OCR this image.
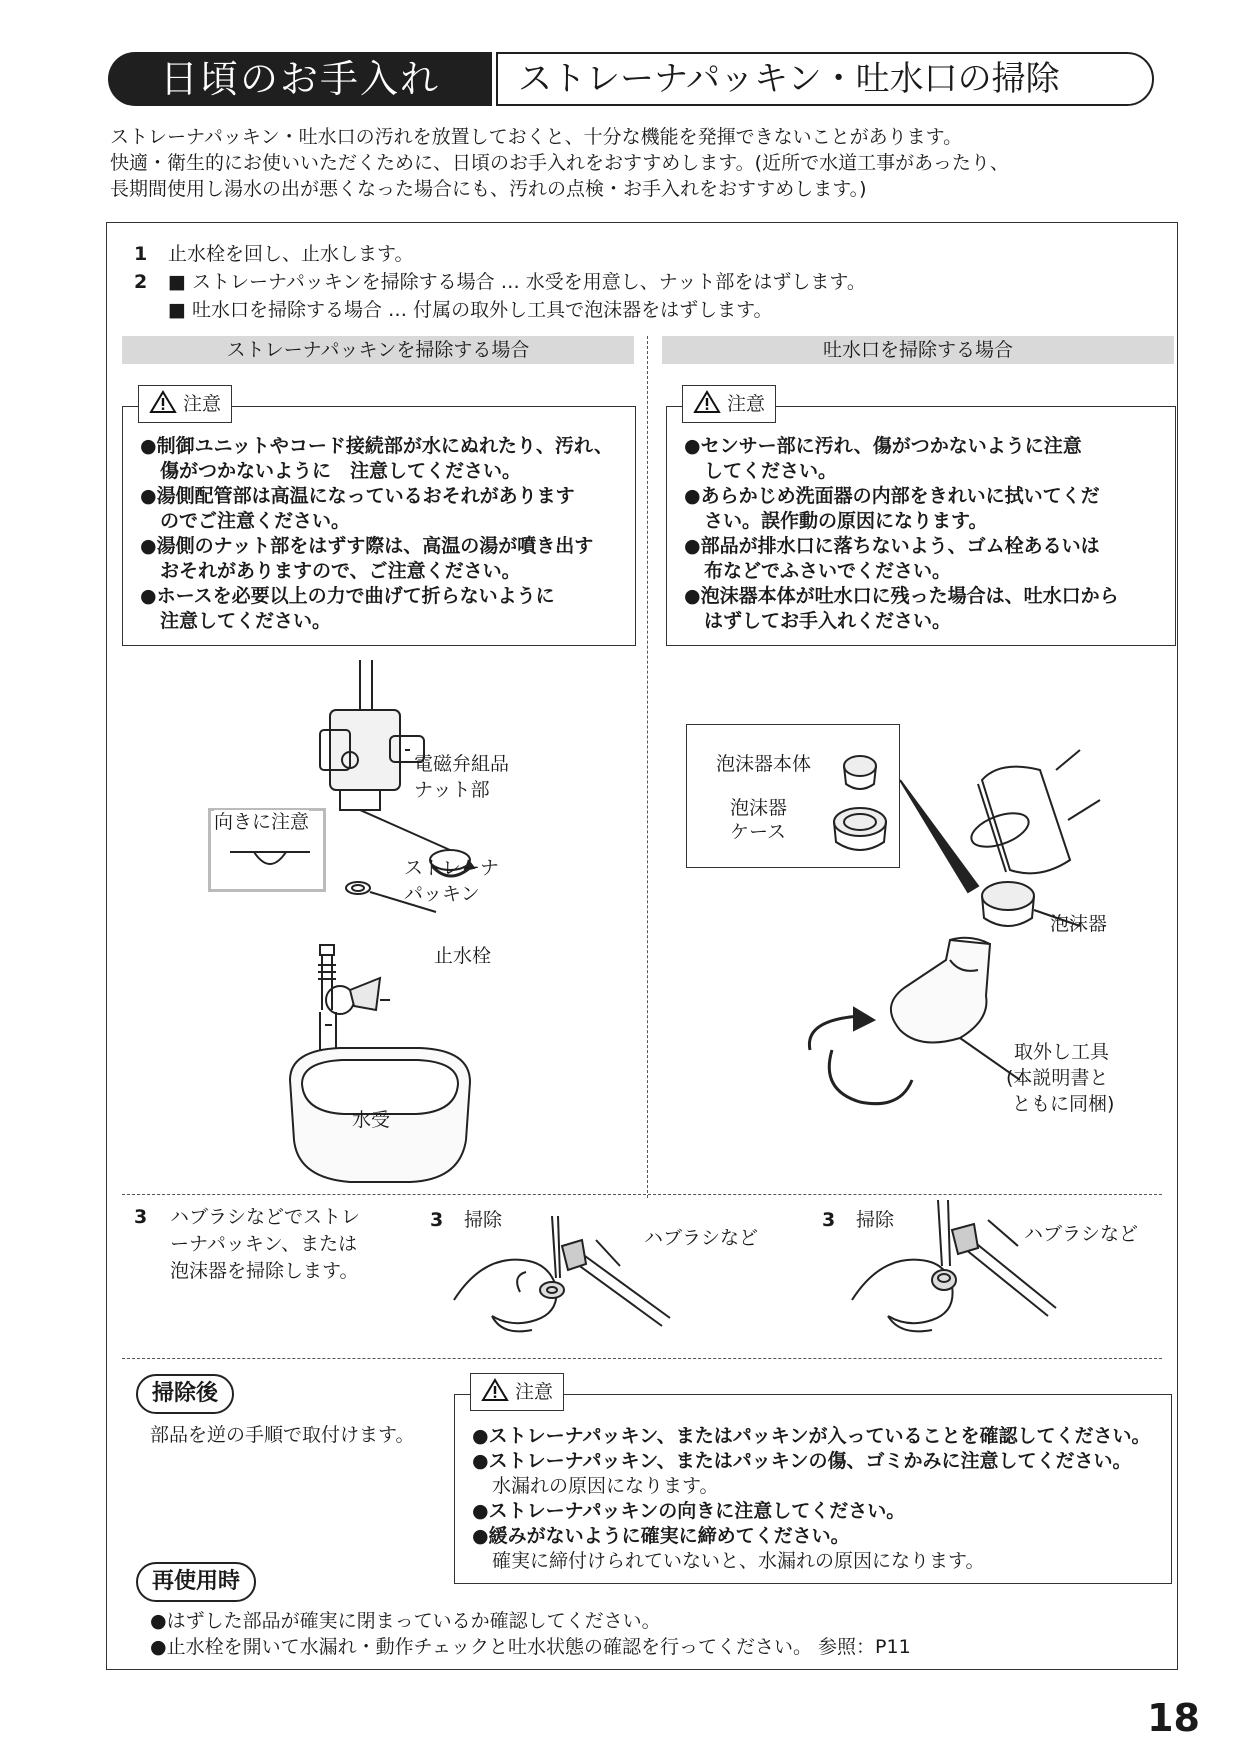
日頃のお手入れ	ストレーナパッキン・吐水口の掃除
ストレーナパッキン・吐水口の汚れを放置しておくと、十分な機能を発揮できないことがあります。
快適・衛生的にお使いいただくために、日頃のお手入れをおすすめします。(近所で水道工事があったり、
長期間使用し湯水の出が悪くなった場合にも、汚れの点検・お手入れをおすすめします。)
1 止水栓を回し、止水します。
2 ■ ストレーナパッキンを掃除する場合 … 水受を用意し、ナット部をはずします。
■ 吐水口を掃除する場合 … 付属の取外し工具で泡沫器をはずします。
ストレーナパッキンを掃除する場合	吐水口を掃除する場合
注意
●制御ユニットやコード接続部が水にぬれたり、汚れ、
傷がつかないように　注意してください。
●湯側配管部は高温になっているおそれがあります
のでご注意ください。
●湯側のナット部をはずす際は、高温の湯が噴き出す
おそれがありますので、ご注意ください。
●ホースを必要以上の力で曲げて折らないように
注意してください。
注意
●センサー部に汚れ、傷がつかないように注意
してください。
●あらかじめ洗面器の内部をきれいに拭いてくだ
さい。誤作動の原因になります。
●部品が排水口に落ちないよう、ゴム栓あるいは
布などでふさいでください。
●泡沫器本体が吐水口に残った場合は、吐水口から
はずしてお手入れください。
向きに注意
電磁弁組品
ナット部
ストレーナ
パッキン
止水栓
水受
泡沫器本体
泡沫器
ケース
泡沫器
取外し工具
(本説明書と
ともに同梱)
3	ハブラシなどでストレ
ーナパッキン、または
泡沫器を掃除します。
3 掃除
ハブラシなど
3 掃除
ハブラシなど
掃除後
部品を逆の手順で取付けます。
注意
●ストレーナパッキン、またはパッキンが入っていることを確認してください。
●ストレーナパッキン、またはパッキンの傷、ゴミかみに注意してください。
水漏れの原因になります。
●ストレーナパッキンの向きに注意してください。
●緩みがないように確実に締めてください。
確実に締付けられていないと、水漏れの原因になります。
再使用時
●はずした部品が確実に閉まっているか確認してください。
●止水栓を開いて水漏れ・動作チェックと吐水状態の確認を行ってください。 参照：P11
18
